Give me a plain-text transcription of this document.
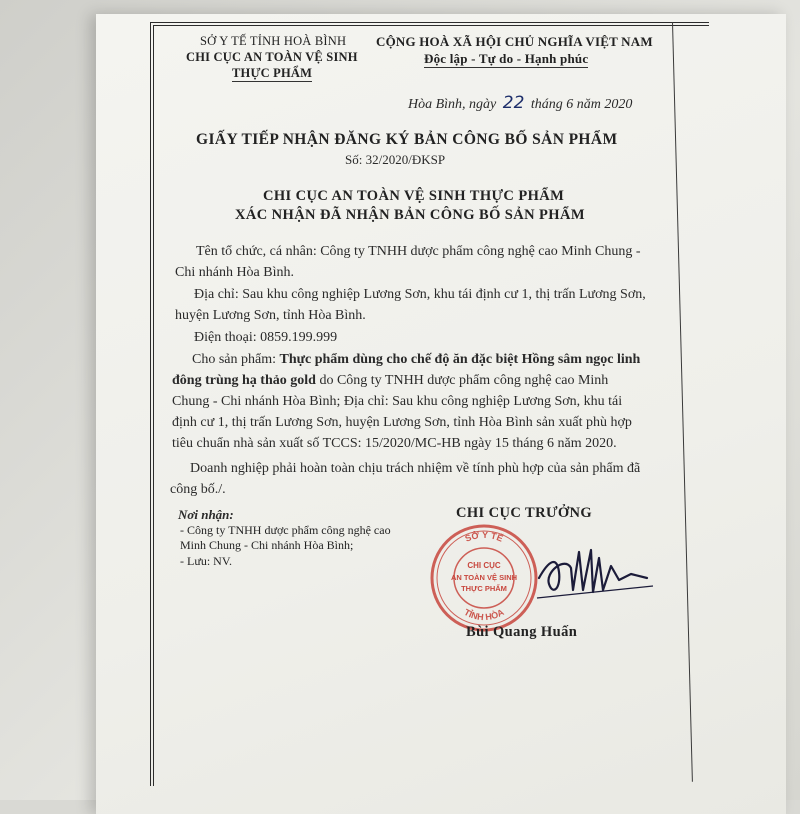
SỞ Y TẾ TỈNH HOÀ BÌNH
CHI CỤC AN TOÀN VỆ SINH
THỰC PHẨM
CỘNG HOÀ XÃ HỘI CHỦ NGHĨA VIỆT NAM
Độc lập - Tự do - Hạnh phúc
Hòa Bình, ngày 22 tháng 6 năm 2020
GIẤY TIẾP NHẬN ĐĂNG KÝ BẢN CÔNG BỐ SẢN PHẨM
Số: 32/2020/ĐKSP
CHI CỤC AN TOÀN VỆ SINH THỰC PHẨM
XÁC NHẬN ĐÃ NHẬN BẢN CÔNG BỐ SẢN PHẨM
Tên tổ chức, cá nhân: Công ty TNHH dược phẩm công nghệ cao Minh Chung -
Chi nhánh Hòa Bình.
Địa chỉ: Sau khu công nghiệp Lương Sơn, khu tái định cư 1, thị trấn Lương Sơn,
huyện Lương Sơn, tỉnh Hòa Bình.
Điện thoại: 0859.199.999
Cho sản phẩm: Thực phẩm dùng cho chế độ ăn đặc biệt Hồng sâm ngọc linh
đông trùng hạ thảo gold do Công ty TNHH dược phẩm công nghệ cao Minh
Chung - Chi nhánh Hòa Bình; Địa chỉ: Sau khu công nghiệp Lương Sơn, khu tái
định cư 1, thị trấn Lương Sơn, huyện Lương Sơn, tỉnh Hòa Bình sản xuất phù hợp
tiêu chuẩn nhà sản xuất số TCCS: 15/2020/MC-HB ngày 15 tháng 6 năm 2020.
Doanh nghiệp phải hoàn toàn chịu trách nhiệm về tính phù hợp của sản phẩm đã
công bố./.
Nơi nhận:
- Công ty TNHH dược phẩm công nghệ cao
Minh Chung - Chi nhánh Hòa Bình;
- Lưu: NV.
CHI CỤC TRƯỞNG
SỞ Y TẾ
TỈNH HÒA
CHI CỤC
AN TOÀN VỆ SINH
THỰC PHẨM
Bùi Quang Huấn
